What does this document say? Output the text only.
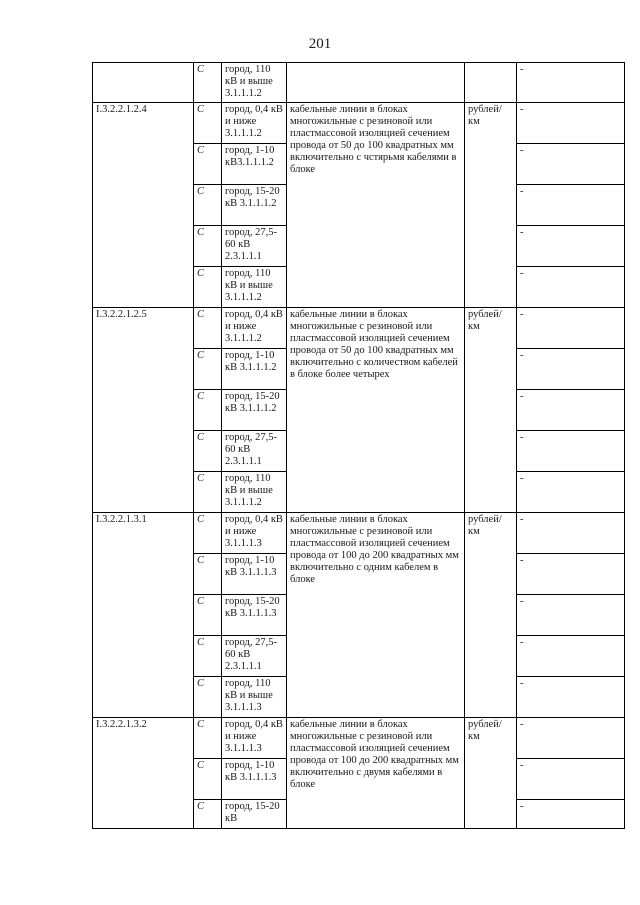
201
	C	город, 110 кВ и выше 3.1.1.1.2			-
I.3.2.2.1.2.4	C	город, 0,4 кВ и ниже 3.1.1.1.2	кабельные линии в блоках многожильные с резиновой или пластмассовой изоляцией сечением провода от 50 до 100 квадратных мм включительно с чстярьмя кабелями в блоке	рублей/км	-
	C	город, 1-10 кВ3.1.1.1.2			-
	C	город, 15-20 кВ 3.1.1.1.2			-
	C	город, 27,5-60 кВ 2.3.1.1.1			-
	C	город, 110 кВ и выше 3.1.1.1.2			-
I.3.2.2.1.2.5	C	город, 0,4 кВ и ниже 3.1.1.1.2	кабельные линии в блоках многожильные с резиновой или пластмассовой изоляцией сечением провода от 50 до 100 квадратных мм включительно с количеством кабелей в блоке более четырех	рублей/км	-
	C	город, 1-10 кВ 3.1.1.1.2			-
	C	город, 15-20 кВ 3.1.1.1.2			-
	C	город, 27,5-60 кВ 2.3.1.1.1			-
	C	город, 110 кВ и выше 3.1.1.1.2			-
I.3.2.2.1.3.1	C	город, 0,4 кВ и ниже 3.1.1.1.3	кабельные линии в блоках многожильные с резиновой или пластмассовой изоляцией сечением провода от 100 до 200 квадратных мм включительно с одним кабелем в блоке	рублей/км	-
	C	город, 1-10 кВ 3.1.1.1.3			-
	C	город, 15-20 кВ 3.1.1.1.3			-
	C	город, 27,5-60 кВ 2.3.1.1.1			-
	C	город, 110 кВ и выше 3.1.1.1.3			-
I.3.2.2.1.3.2	C	город, 0,4 кВ и ниже 3.1.1.1.3	кабельные линии в блоках многожильные с резиновой или пластмассовой изоляцией сечением провода от 100 до 200 квадратных мм включительно с двумя кабелями в блоке	рублей/км	-
	C	город, 1-10 кВ 3.1.1.1.3			-
	C	город, 15-20 кВ			-
